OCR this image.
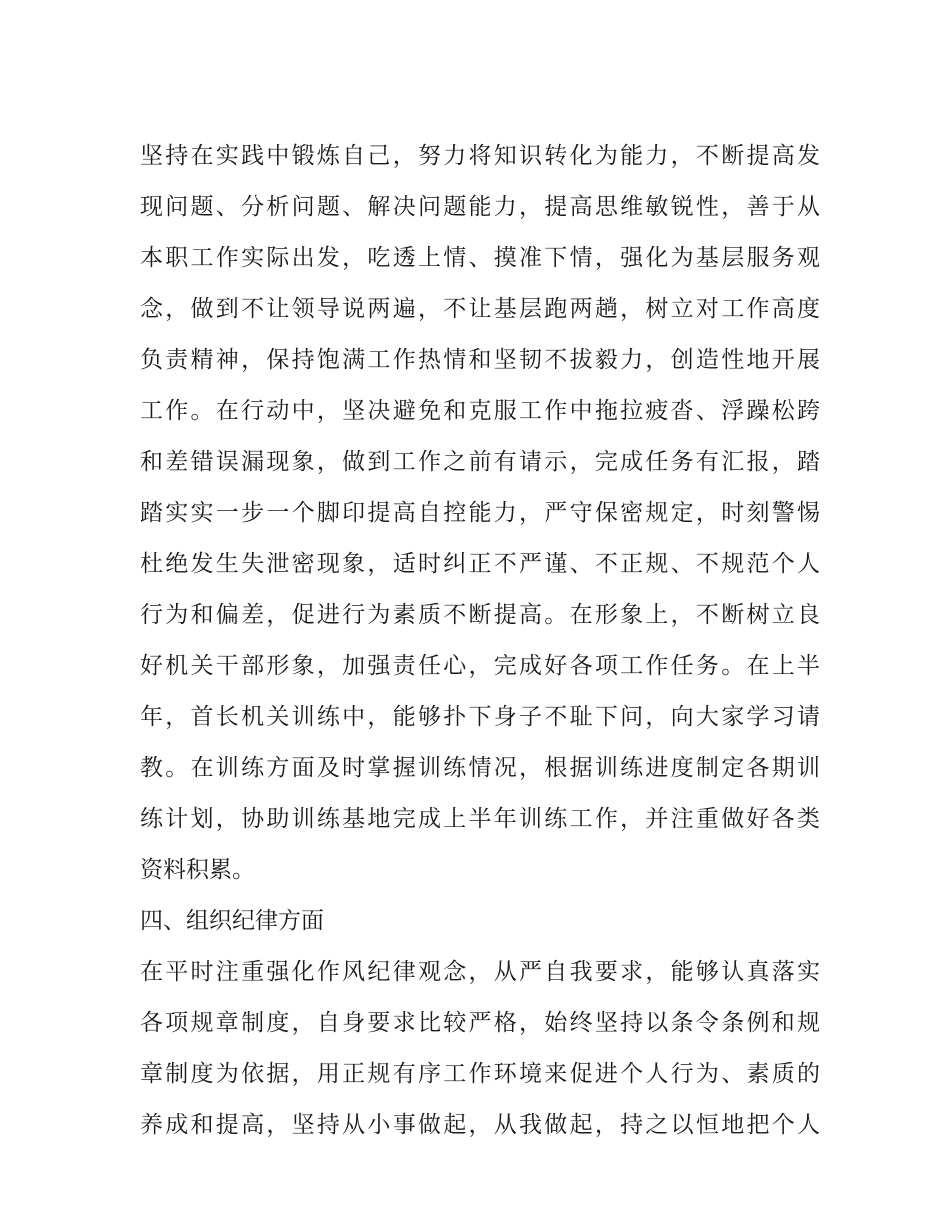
坚持在实践中锻炼自己，努力将知识转化为能力，不断提高发
现问题、分析问题、解决问题能力，提高思维敏锐性，善于从
本职工作实际出发，吃透上情、摸准下情，强化为基层服务观
念，做到不让领导说两遍，不让基层跑两趟，树立对工作高度
负责精神，保持饱满工作热情和坚韧不拔毅力，创造性地开展
工作。在行动中，坚决避免和克服工作中拖拉疲沓、浮躁松跨
和差错误漏现象，做到工作之前有请示，完成任务有汇报，踏
踏实实一步一个脚印提高自控能力，严守保密规定，时刻警惕
杜绝发生失泄密现象，适时纠正不严谨、不正规、不规范个人
行为和偏差，促进行为素质不断提高。在形象上，不断树立良
好机关干部形象，加强责任心，完成好各项工作任务。在上半
年，首长机关训练中，能够扑下身子不耻下问，向大家学习请
教。在训练方面及时掌握训练情况，根据训练进度制定各期训
练计划，协助训练基地完成上半年训练工作，并注重做好各类
资料积累。
四、组织纪律方面
在平时注重强化作风纪律观念，从严自我要求，能够认真落实
各项规章制度，自身要求比较严格，始终坚持以条令条例和规
章制度为依据，用正规有序工作环境来促进个人行为、素质的
养成和提高，坚持从小事做起，从我做起，持之以恒地把个人
